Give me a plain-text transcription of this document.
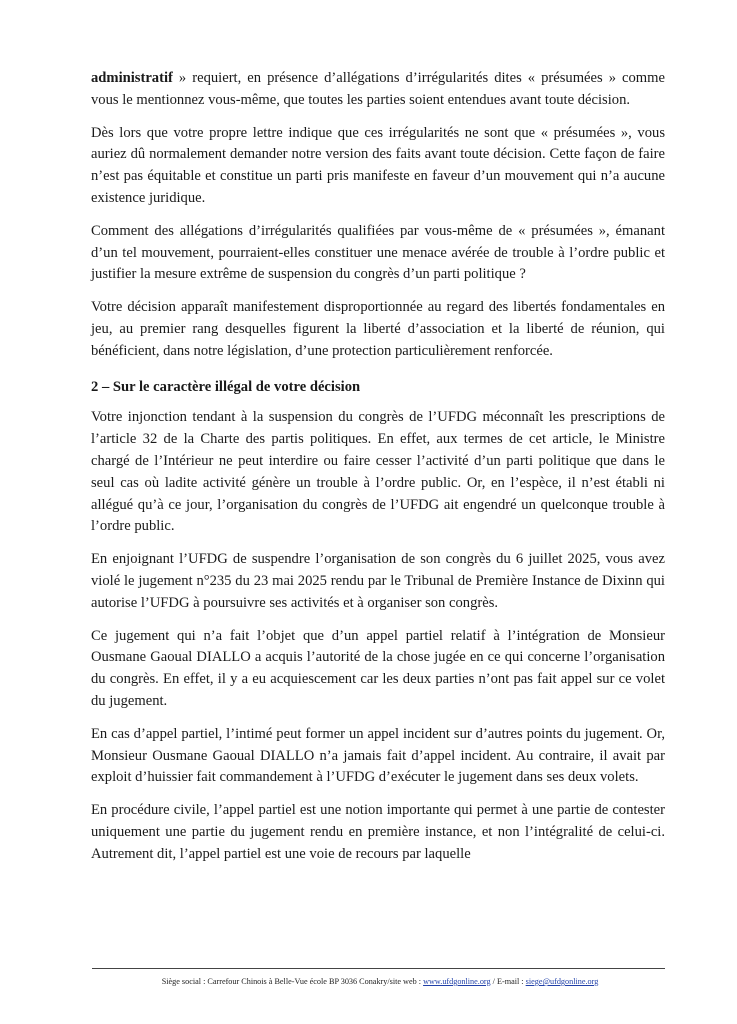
administratif » requiert, en présence d’allégations d’irrégularités dites « présumées » comme vous le mentionnez vous-même, que toutes les parties soient entendues avant toute décision.

Dès lors que votre propre lettre indique que ces irrégularités ne sont que « présumées », vous auriez dû normalement demander notre version des faits avant toute décision. Cette façon de faire n’est pas équitable et constitue un parti pris manifeste en faveur d’un mouvement qui n’a aucune existence juridique.

Comment des allégations d’irrégularités qualifiées par vous-même de « présumées », émanant d’un tel mouvement, pourraient-elles constituer une menace avérée de trouble à l’ordre public et justifier la mesure extrême de suspension du congrès d’un parti politique ?

Votre décision apparaît manifestement disproportionnée au regard des libertés fondamentales en jeu, au premier rang desquelles figurent la liberté d’association et la liberté de réunion, qui bénéficient, dans notre législation, d’une protection particulièrement renforcée.

2 – Sur le caractère illégal de votre décision

Votre injonction tendant à la suspension du congrès de l’UFDG méconnaît les prescriptions de l’article 32 de la Charte des partis politiques. En effet, aux termes de cet article, le Ministre chargé de l’Intérieur ne peut interdire ou faire cesser l’activité d’un parti politique que dans le seul cas où ladite activité génère un trouble à l’ordre public. Or, en l’espèce, il n’est établi ni allégué qu’à ce jour, l’organisation du congrès de l’UFDG ait engendré un quelconque trouble à l’ordre public.

En enjoignant l’UFDG de suspendre l’organisation de son congrès du 6 juillet 2025, vous avez violé le jugement n°235 du 23 mai 2025 rendu par le Tribunal de Première Instance de Dixinn qui autorise l’UFDG à poursuivre ses activités et à organiser son congrès.

Ce jugement qui n’a fait l’objet que d’un appel partiel relatif à l’intégration de Monsieur Ousmane Gaoual DIALLO a acquis l’autorité de la chose jugée en ce qui concerne l’organisation du congrès. En effet, il y a eu acquiescement car les deux parties n’ont pas fait appel sur ce volet du jugement.

En cas d’appel partiel, l’intimé peut former un appel incident sur d’autres points du jugement. Or, Monsieur Ousmane Gaoual DIALLO n’a jamais fait d’appel incident. Au contraire, il avait par exploit d’huissier fait commandement à l’UFDG d’exécuter le jugement dans ses deux volets.

En procédure civile, l’appel partiel est une notion importante qui permet à une partie de contester uniquement une partie du jugement rendu en première instance, et non l’intégralité de celui-ci. Autrement dit, l’appel partiel est une voie de recours par laquelle

Siège social : Carrefour Chinois à Belle-Vue école BP 3036 Conakry/site web : www.ufdgonline.org / E-mail : siege@ufdgonline.org
